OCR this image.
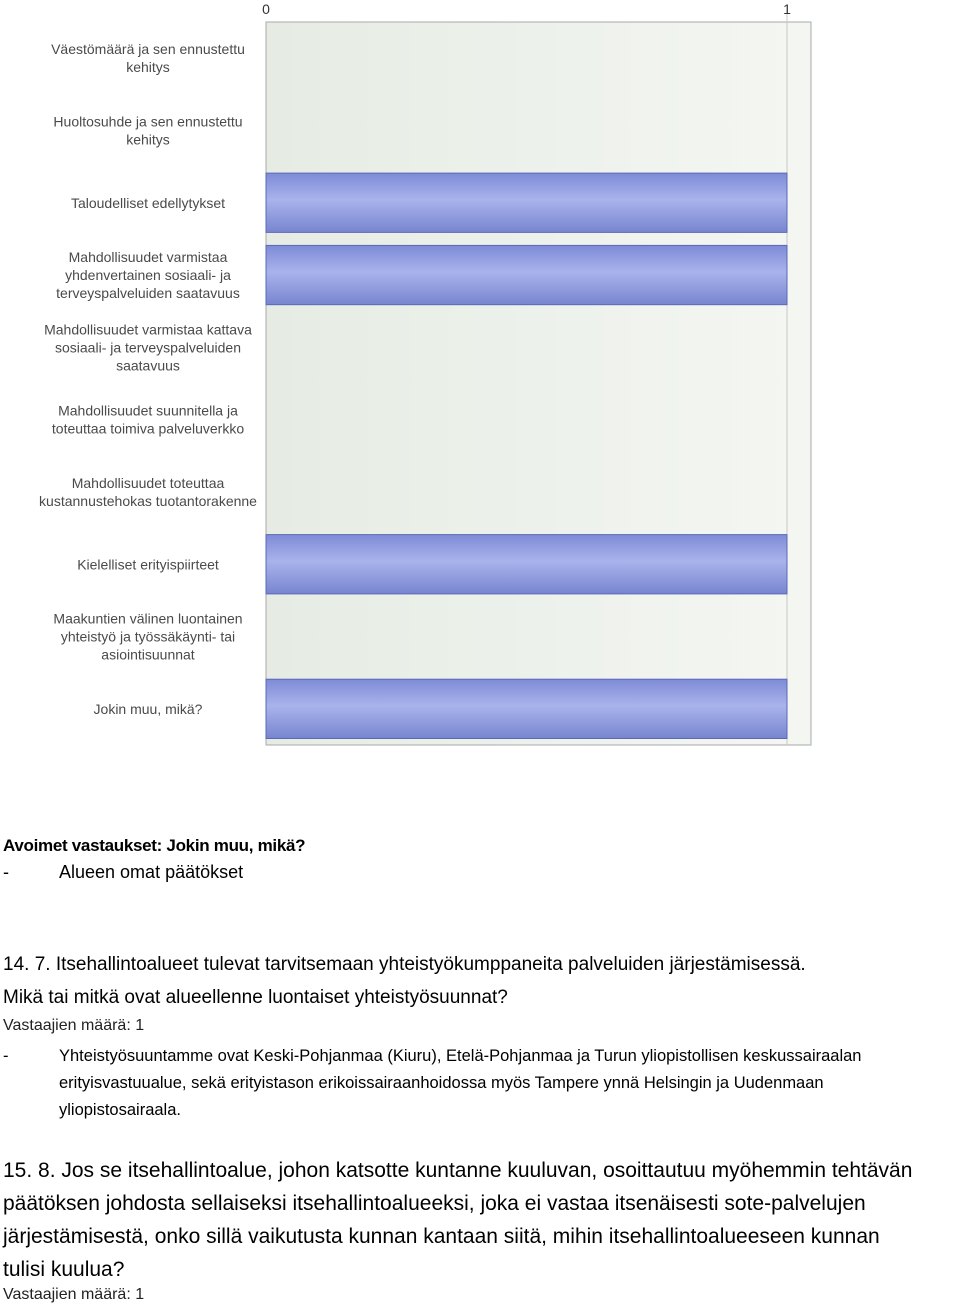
Väestömäärä ja sen ennustettu kehitys
Huoltosuhde ja sen ennustettu kehitys
Taloudelliset edellytykset
Mahdollisuudet varmistaa yhdenvertainen sosiaali- ja terveyspalveluiden saatavuus
Mahdollisuudet varmistaa kattava sosiaali- ja terveyspalveluiden saatavuus
Mahdollisuudet suunnitella ja toteuttaa toimiva palveluverkko
Mahdollisuudet toteuttaa kustannustehokas tuotantorakenne
Kielelliset erityispiirteet
Maakuntien välinen luontainen yhteistyö ja työssäkäynti- tai asiointisuunnat
Jokin muu, mikä?
0	1
Avoimet vastaukset: Jokin muu, mikä?
-	Alueen omat päätökset
14. 7. Itsehallintoalueet tulevat tarvitsemaan yhteistyökumppaneita palveluiden järjestämisessä.
Mikä tai mitkä ovat alueellenne luontaiset yhteistyösuunnat?
Vastaajien määrä: 1
-	Yhteistyösuuntamme ovat Keski-Pohjanmaa (Kiuru), Etelä-Pohjanmaa ja Turun yliopistollisen keskussairaalan
erityisvastuualue, sekä erityistason erikoissairaanhoidossa myös Tampere ynnä Helsingin ja Uudenmaan
yliopistosairaala.
15. 8. Jos se itsehallintoalue, johon katsotte kuntanne kuuluvan, osoittautuu myöhemmin tehtävän
päätöksen johdosta sellaiseksi itsehallintoalueeksi, joka ei vastaa itsenäisesti sote-palvelujen
järjestämisestä, onko sillä vaikutusta kunnan kantaan siitä, mihin itsehallintoalueeseen kunnan
tulisi kuulua?
Vastaajien määrä: 1
